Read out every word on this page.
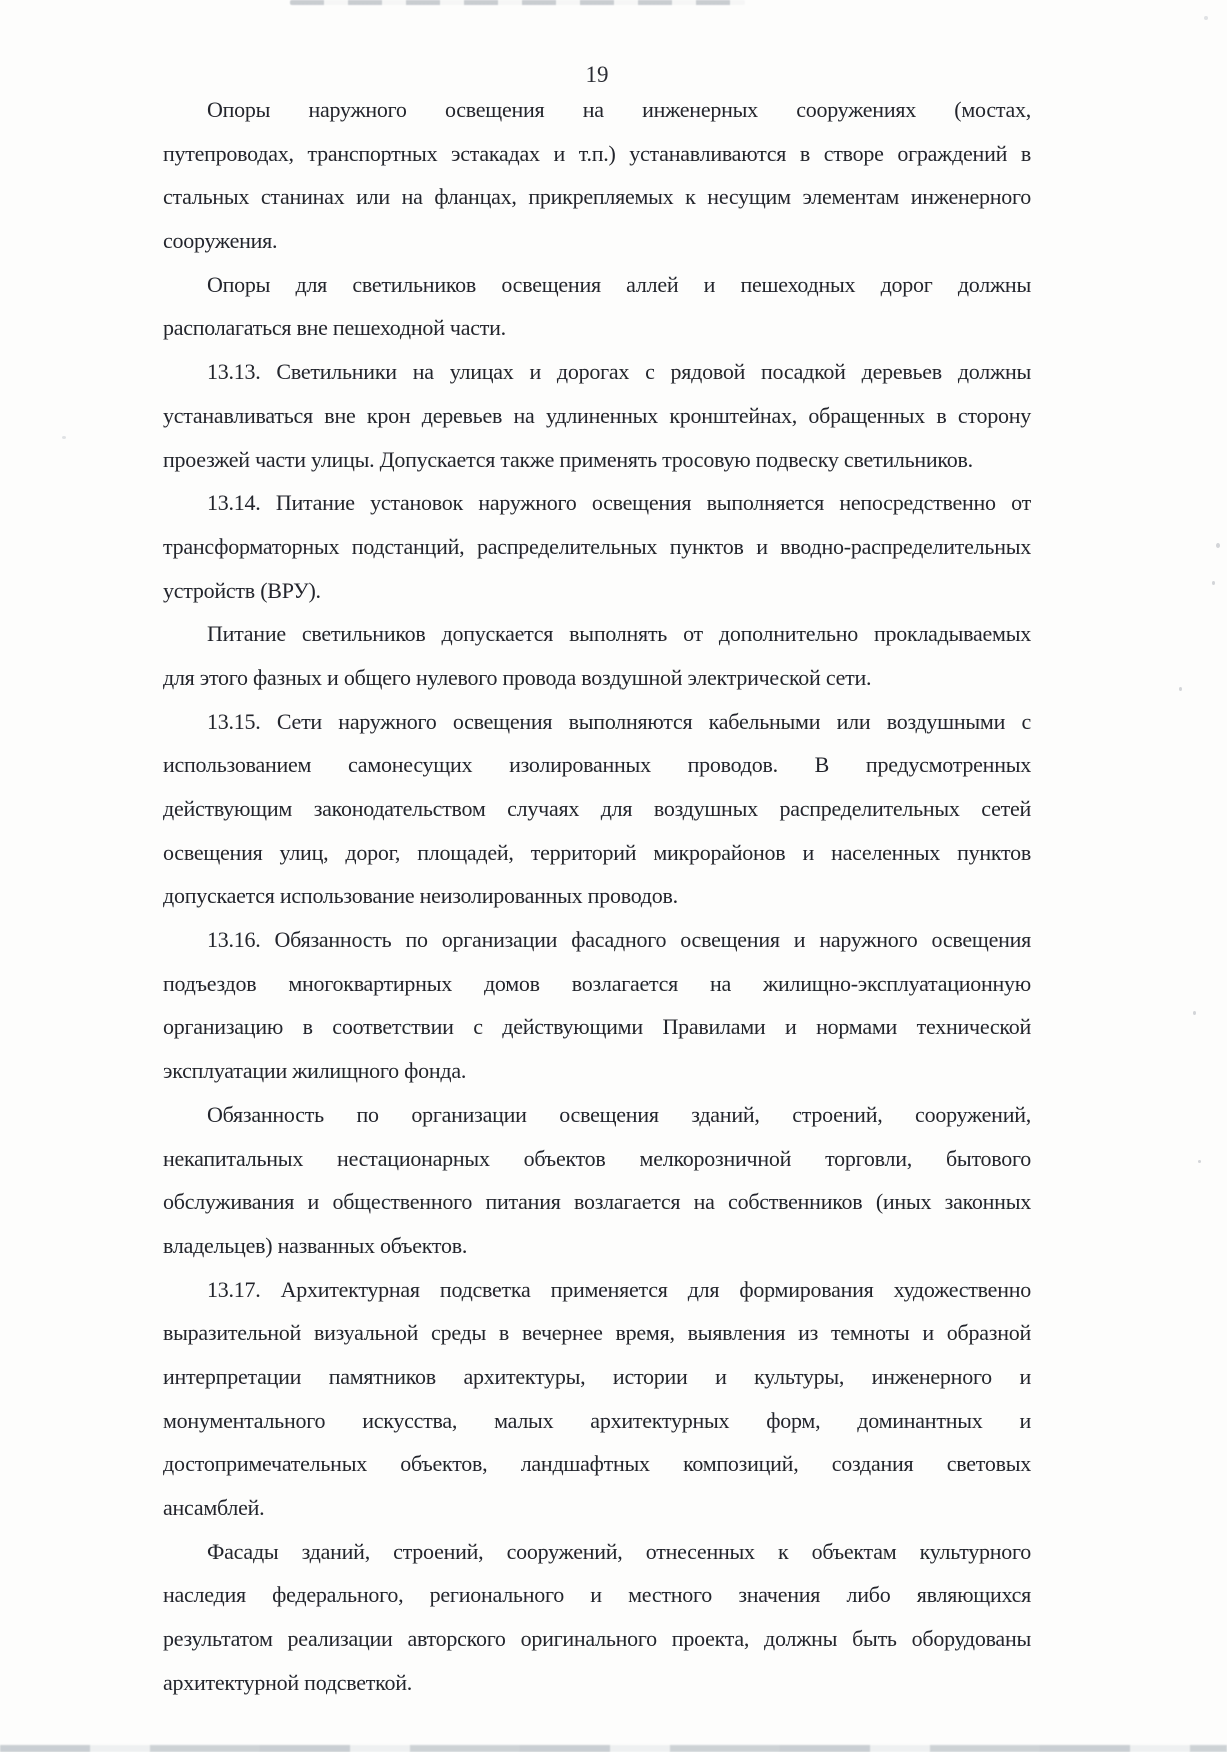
19
Опоры наружного освещения на инженерных сооружениях (мостах,
путепроводах, транспортных эстакадах и т.п.) устанавливаются в створе ограждений в
стальных станинах или на фланцах, прикрепляемых к несущим элементам инженерного
сооружения.
Опоры для светильников освещения аллей и пешеходных дорог должны
располагаться вне пешеходной части.
13.13. Светильники на улицах и дорогах с рядовой посадкой деревьев должны
устанавливаться вне крон деревьев на удлиненных кронштейнах, обращенных в сторону
проезжей части улицы. Допускается также применять тросовую подвеску светильников.
13.14. Питание установок наружного освещения выполняется непосредственно от
трансформаторных подстанций, распределительных пунктов и вводно-распределительных
устройств (ВРУ).
Питание светильников допускается выполнять от дополнительно прокладываемых
для этого фазных и общего нулевого провода воздушной электрической сети.
13.15. Сети наружного освещения выполняются кабельными или воздушными с
использованием самонесущих изолированных проводов. В предусмотренных
действующим законодательством случаях для воздушных распределительных сетей
освещения улиц, дорог, площадей, территорий микрорайонов и населенных пунктов
допускается использование неизолированных проводов.
13.16. Обязанность по организации фасадного освещения и наружного освещения
подъездов многоквартирных домов возлагается на жилищно-эксплуатационную
организацию в соответствии с действующими Правилами и нормами технической
эксплуатации жилищного фонда.
Обязанность по организации освещения зданий, строений, сооружений,
некапитальных нестационарных объектов мелкорозничной торговли, бытового
обслуживания и общественного питания возлагается на собственников (иных законных
владельцев) названных объектов.
13.17. Архитектурная подсветка применяется для формирования художественно
выразительной визуальной среды в вечернее время, выявления из темноты и образной
интерпретации памятников архитектуры, истории и культуры, инженерного и
монументального искусства, малых архитектурных форм, доминантных и
достопримечательных объектов, ландшафтных композиций, создания световых
ансамблей.
Фасады зданий, строений, сооружений, отнесенных к объектам культурного
наследия федерального, регионального и местного значения либо являющихся
результатом реализации авторского оригинального проекта, должны быть оборудованы
архитектурной подсветкой.
